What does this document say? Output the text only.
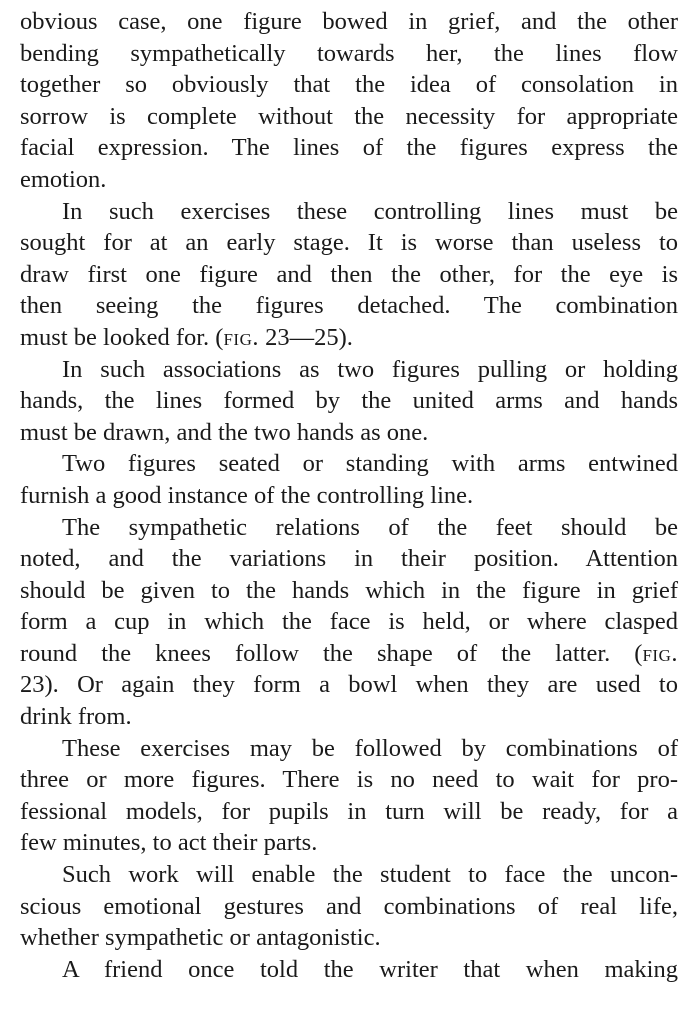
obvious case, one figure bowed in grief, and the other
bending sympathetically towards her, the lines flow
together so obviously that the idea of consolation in
sorrow is complete without the necessity for appropriate
facial expression. The lines of the figures express the
emotion.
In such exercises these controlling lines must be
sought for at an early stage. It is worse than useless to
draw first one figure and then the other, for the eye is
then seeing the figures detached. The combination
must be looked for. (fig. 23—25).
In such associations as two figures pulling or holding
hands, the lines formed by the united arms and hands
must be drawn, and the two hands as one.
Two figures seated or standing with arms entwined
furnish a good instance of the controlling line.
The sympathetic relations of the feet should be
noted, and the variations in their position. Attention
should be given to the hands which in the figure in grief
form a cup in which the face is held, or where clasped
round the knees follow the shape of the latter. (fig.
23). Or again they form a bowl when they are used to
drink from.
These exercises may be followed by combinations of
three or more figures. There is no need to wait for pro-
fessional models, for pupils in turn will be ready, for a
few minutes, to act their parts.
Such work will enable the student to face the uncon-
scious emotional gestures and combinations of real life,
whether sympathetic or antagonistic.
A friend once told the writer that when making
